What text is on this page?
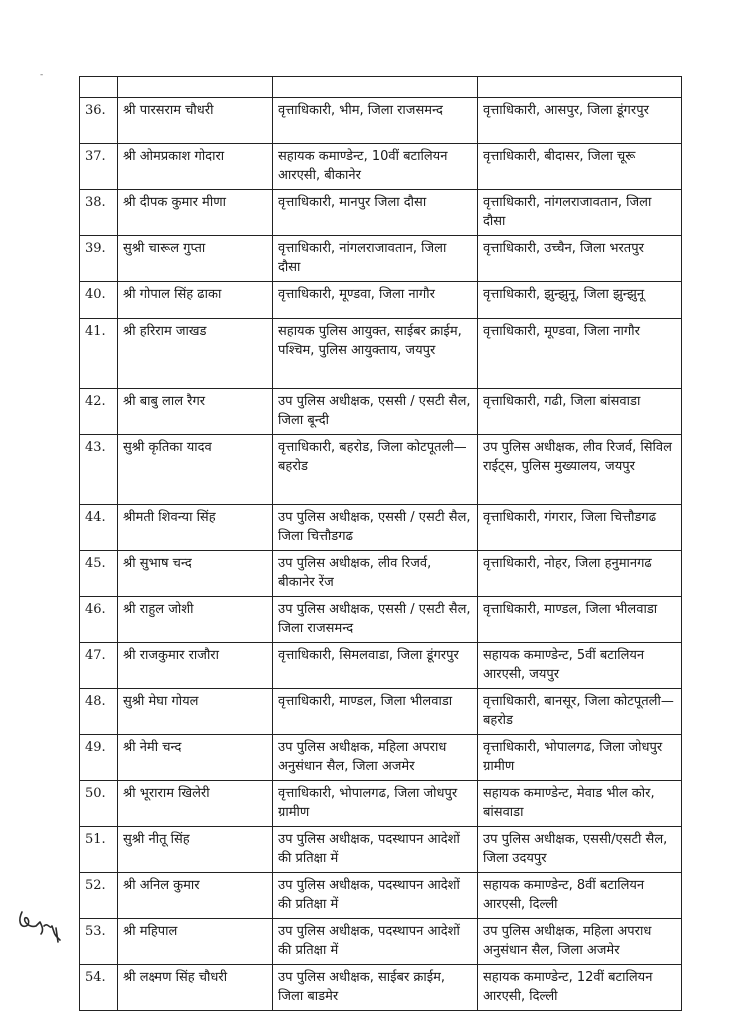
-

36.	श्री पारसराम चौधरी	वृत्ताधिकारी, भीम, जिला राजसमन्द	वृत्ताधिकारी, आसपुर, जिला डूंगरपुर
37.	श्री ओमप्रकाश गोदारा	सहायक कमाण्डेन्ट, 10वीं बटालियन आरएसी, बीकानेर	वृत्ताधिकारी, बीदासर, जिला चूरू
38.	श्री दीपक कुमार मीणा	वृत्ताधिकारी, मानपुर जिला दौसा	वृत्ताधिकारी, नांगलराजावतान, जिला दौसा
39.	सुश्री चारूल गुप्ता	वृत्ताधिकारी, नांगलराजावतान, जिला दौसा	वृत्ताधिकारी, उच्चैन, जिला भरतपुर
40.	श्री गोपाल सिंह ढाका	वृत्ताधिकारी, मूण्डवा, जिला नागौर	वृत्ताधिकारी, झुन्झुनू, जिला झुन्झुनू
41.	श्री हरिराम जाखड	सहायक पुलिस आयुक्त, साईबर क्राईम, पश्चिम, पुलिस आयुक्ताय, जयपुर	वृत्ताधिकारी, मूण्डवा, जिला नागौर
42.	श्री बाबु लाल रैगर	उप पुलिस अधीक्षक, एससी / एसटी सैल, जिला बून्दी	वृत्ताधिकारी, गढी, जिला बांसवाडा
43.	सुश्री कृतिका यादव	वृत्ताधिकारी, बहरोड, जिला कोटपूतली—बहरोड	उप पुलिस अधीक्षक, लीव रिजर्व, सिविल राईट्स, पुलिस मुख्यालय, जयपुर
44.	श्रीमती शिवन्या सिंह	उप पुलिस अधीक्षक, एससी / एसटी सैल, जिला चित्तौडगढ	वृत्ताधिकारी, गंगरार, जिला चित्तौडगढ
45.	श्री सुभाष चन्द	उप पुलिस अधीक्षक, लीव रिजर्व, बीकानेर रेंज	वृत्ताधिकारी, नोहर, जिला हनुमानगढ
46.	श्री राहुल जोशी	उप पुलिस अधीक्षक, एससी / एसटी सैल, जिला राजसमन्द	वृत्ताधिकारी, माण्डल, जिला भीलवाडा
47.	श्री राजकुमार राजौरा	वृत्ताधिकारी, सिमलवाडा, जिला डूंगरपुर	सहायक कमाण्डेन्ट, 5वीं बटालियन आरएसी, जयपुर
48.	सुश्री मेघा गोयल	वृत्ताधिकारी, माण्डल, जिला भीलवाडा	वृत्ताधिकारी, बानसूर, जिला कोटपूतली—बहरोड
49.	श्री नेमी चन्द	उप पुलिस अधीक्षक, महिला अपराध अनुसंधान सैल, जिला अजमेर	वृत्ताधिकारी, भोपालगढ, जिला जोधपुर ग्रामीण
50.	श्री भूराराम खिलेरी	वृत्ताधिकारी, भोपालगढ, जिला जोधपुर ग्रामीण	सहायक कमाण्डेन्ट, मेवाड भील कोर, बांसवाडा
51.	सुश्री नीतू सिंह	उप पुलिस अधीक्षक, पदस्थापन आदेशों की प्रतिक्षा में	उप पुलिस अधीक्षक, एससी/एसटी सैल, जिला उदयपुर
52.	श्री अनिल कुमार	उप पुलिस अधीक्षक, पदस्थापन आदेशों की प्रतिक्षा में	सहायक कमाण्डेन्ट, 8वीं बटालियन आरएसी, दिल्ली
53.	श्री महिपाल	उप पुलिस अधीक्षक, पदस्थापन आदेशों की प्रतिक्षा में	उप पुलिस अधीक्षक, महिला अपराध अनुसंधान सैल, जिला अजमेर
54.	श्री लक्ष्मण सिंह चौधरी	उप पुलिस अधीक्षक, साईबर क्राईम, जिला बाडमेर	सहायक कमाण्डेन्ट, 12वीं बटालियन आरएसी, दिल्ली
